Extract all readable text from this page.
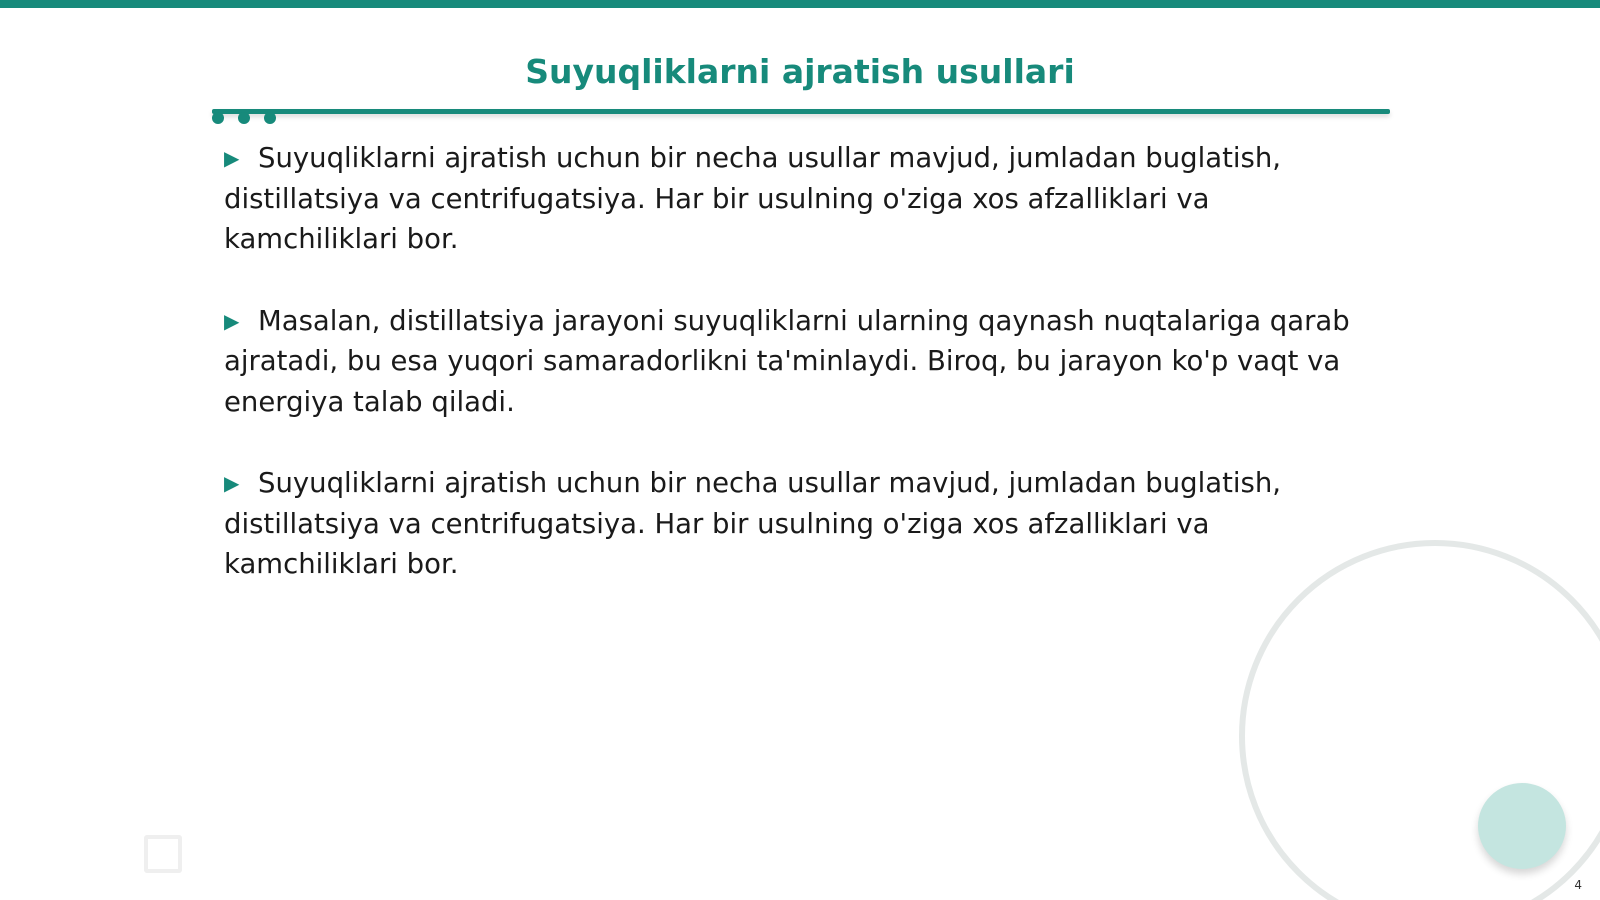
Suyuqliklarni ajratish usullari

▶ Suyuqliklarni ajratish uchun bir necha usullar mavjud, jumladan buglatish, distillatsiya va centrifugatsiya. Har bir usulning o'ziga xos afzalliklari va kamchiliklari bor.

▶ Masalan, distillatsiya jarayoni suyuqliklarni ularning qaynash nuqtalariga qarab ajratadi, bu esa yuqori samaradorlikni ta'minlaydi. Biroq, bu jarayon ko'p vaqt va energiya talab qiladi.

▶ Suyuqliklarni ajratish uchun bir necha usullar mavjud, jumladan buglatish, distillatsiya va centrifugatsiya. Har bir usulning o'ziga xos afzalliklari va kamchiliklari bor.

4
